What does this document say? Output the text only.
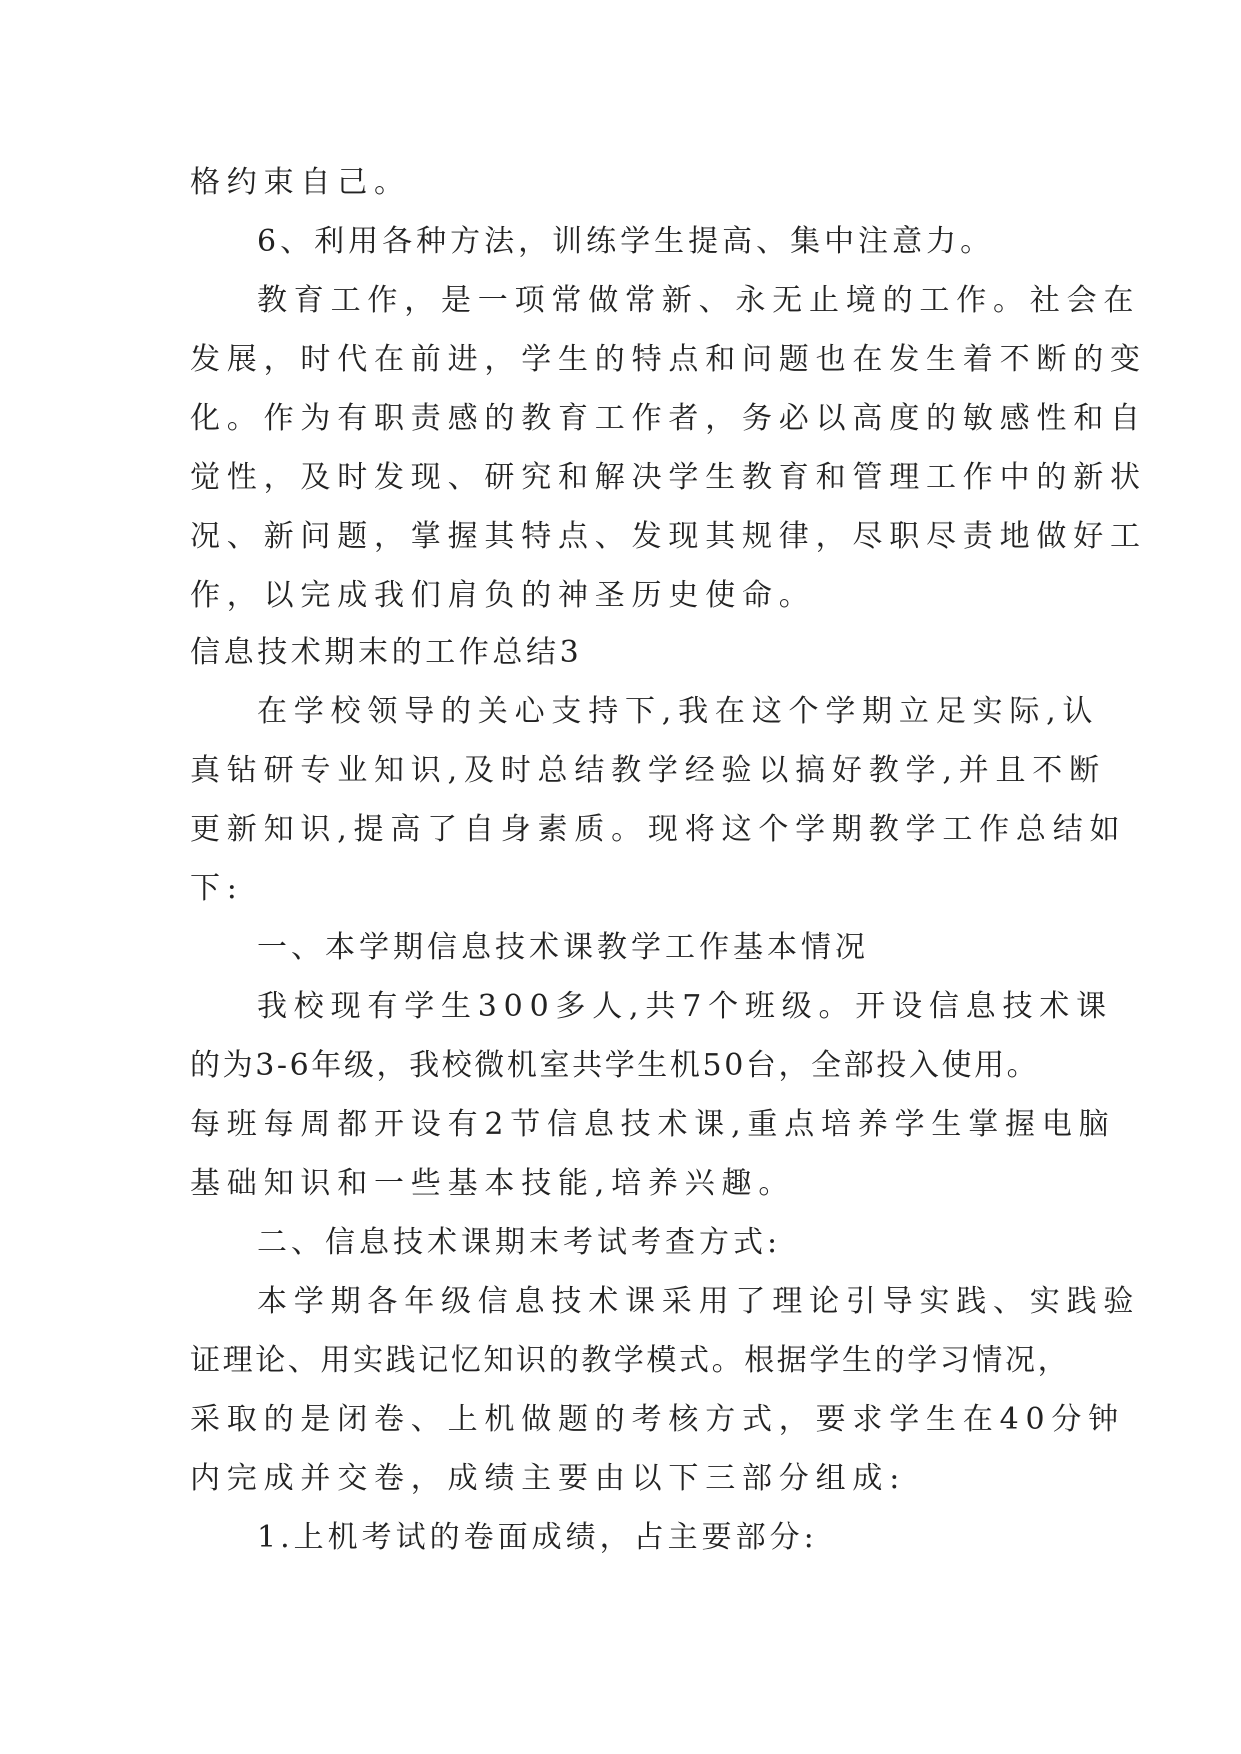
格约束自己。

6、利用各种方法，训练学生提高、集中注意力。

教育工作，是一项常做常新、永无止境的工作。社会在

发展，时代在前进，学生的特点和问题也在发生着不断的变

化。作为有职责感的教育工作者，务必以高度的敏感性和自

觉性，及时发现、研究和解决学生教育和管理工作中的新状

况、新问题，掌握其特点、发现其规律，尽职尽责地做好工

作，以完成我们肩负的神圣历史使命。

信息技术期末的工作总结3

在学校领导的关心支持下,我在这个学期立足实际,认

真钻研专业知识,及时总结教学经验以搞好教学,并且不断

更新知识,提高了自身素质。现将这个学期教学工作总结如

下:

一、本学期信息技术课教学工作基本情况

我校现有学生300多人,共7个班级。开设信息技术课

的为3-6年级，我校微机室共学生机50台，全部投入使用。

每班每周都开设有2节信息技术课,重点培养学生掌握电脑

基础知识和一些基本技能,培养兴趣。

二、信息技术课期末考试考查方式:

本学期各年级信息技术课采用了理论引导实践、实践验

证理论、用实践记忆知识的教学模式。根据学生的学习情况，

采取的是闭卷、上机做题的考核方式，要求学生在40分钟

内完成并交卷，成绩主要由以下三部分组成:

1.上机考试的卷面成绩，占主要部分:
